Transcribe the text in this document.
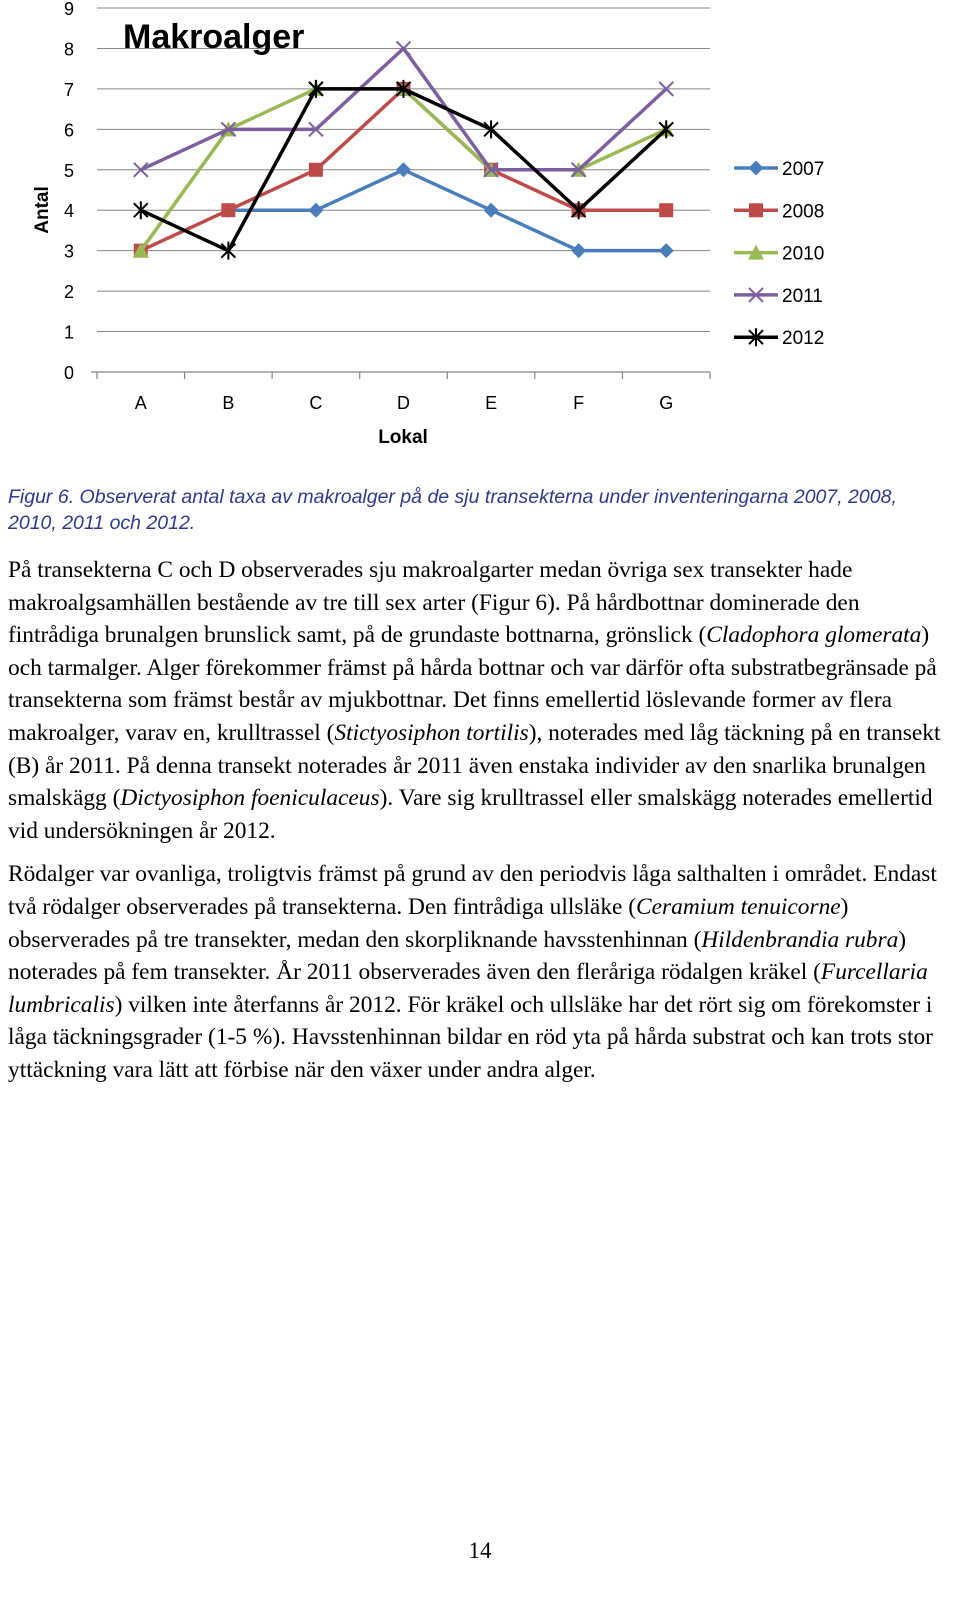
0
1
2
3
4
5
6
7
8
9
A	B	C	D	E	F	G
Lokal
Antal
Makroalger
2007
2008
2010
2011
2012
Figur 6. Observerat antal taxa av makroalger på de sju transekterna under inventeringarna 2007, 2008, 2010, 2011 och 2012.

På transekterna C och D observerades sju makroalgarter medan övriga sex transekter hade makroalgsamhällen bestående av tre till sex arter (Figur 6). På hårdbottnar dominerade den fintrådiga brunalgen brunslick samt, på de grundaste bottnarna, grönslick (Cladophora glomerata) och tarmalger. Alger förekommer främst på hårda bottnar och var därför ofta substratbegränsade på transekterna som främst består av mjukbottnar. Det finns emellertid löslevande former av flera makroalger, varav en, krulltrassel (Stictyosiphon tortilis), noterades med låg täckning på en transekt (B) år 2011. På denna transekt noterades år 2011 även enstaka individer av den snarlika brunalgen smalskägg (Dictyosiphon foeniculaceus). Vare sig krulltrassel eller smalskägg noterades emellertid vid undersökningen år 2012.

Rödalger var ovanliga, troligtvis främst på grund av den periodvis låga salthalten i området. Endast två rödalger observerades på transekterna. Den fintrådiga ullsläke (Ceramium tenuicorne) observerades på tre transekter, medan den skorpliknande havsstenhinnan (Hildenbrandia rubra) noterades på fem transekter. År 2011 observerades även den fleråriga rödalgen kräkel (Furcellaria lumbricalis) vilken inte återfanns år 2012. För kräkel och ullsläke har det rört sig om förekomster i låga täckningsgrader (1-5 %). Havsstenhinnan bildar en röd yta på hårda substrat och kan trots stor yttäckning vara lätt att förbise när den växer under andra alger.

14
